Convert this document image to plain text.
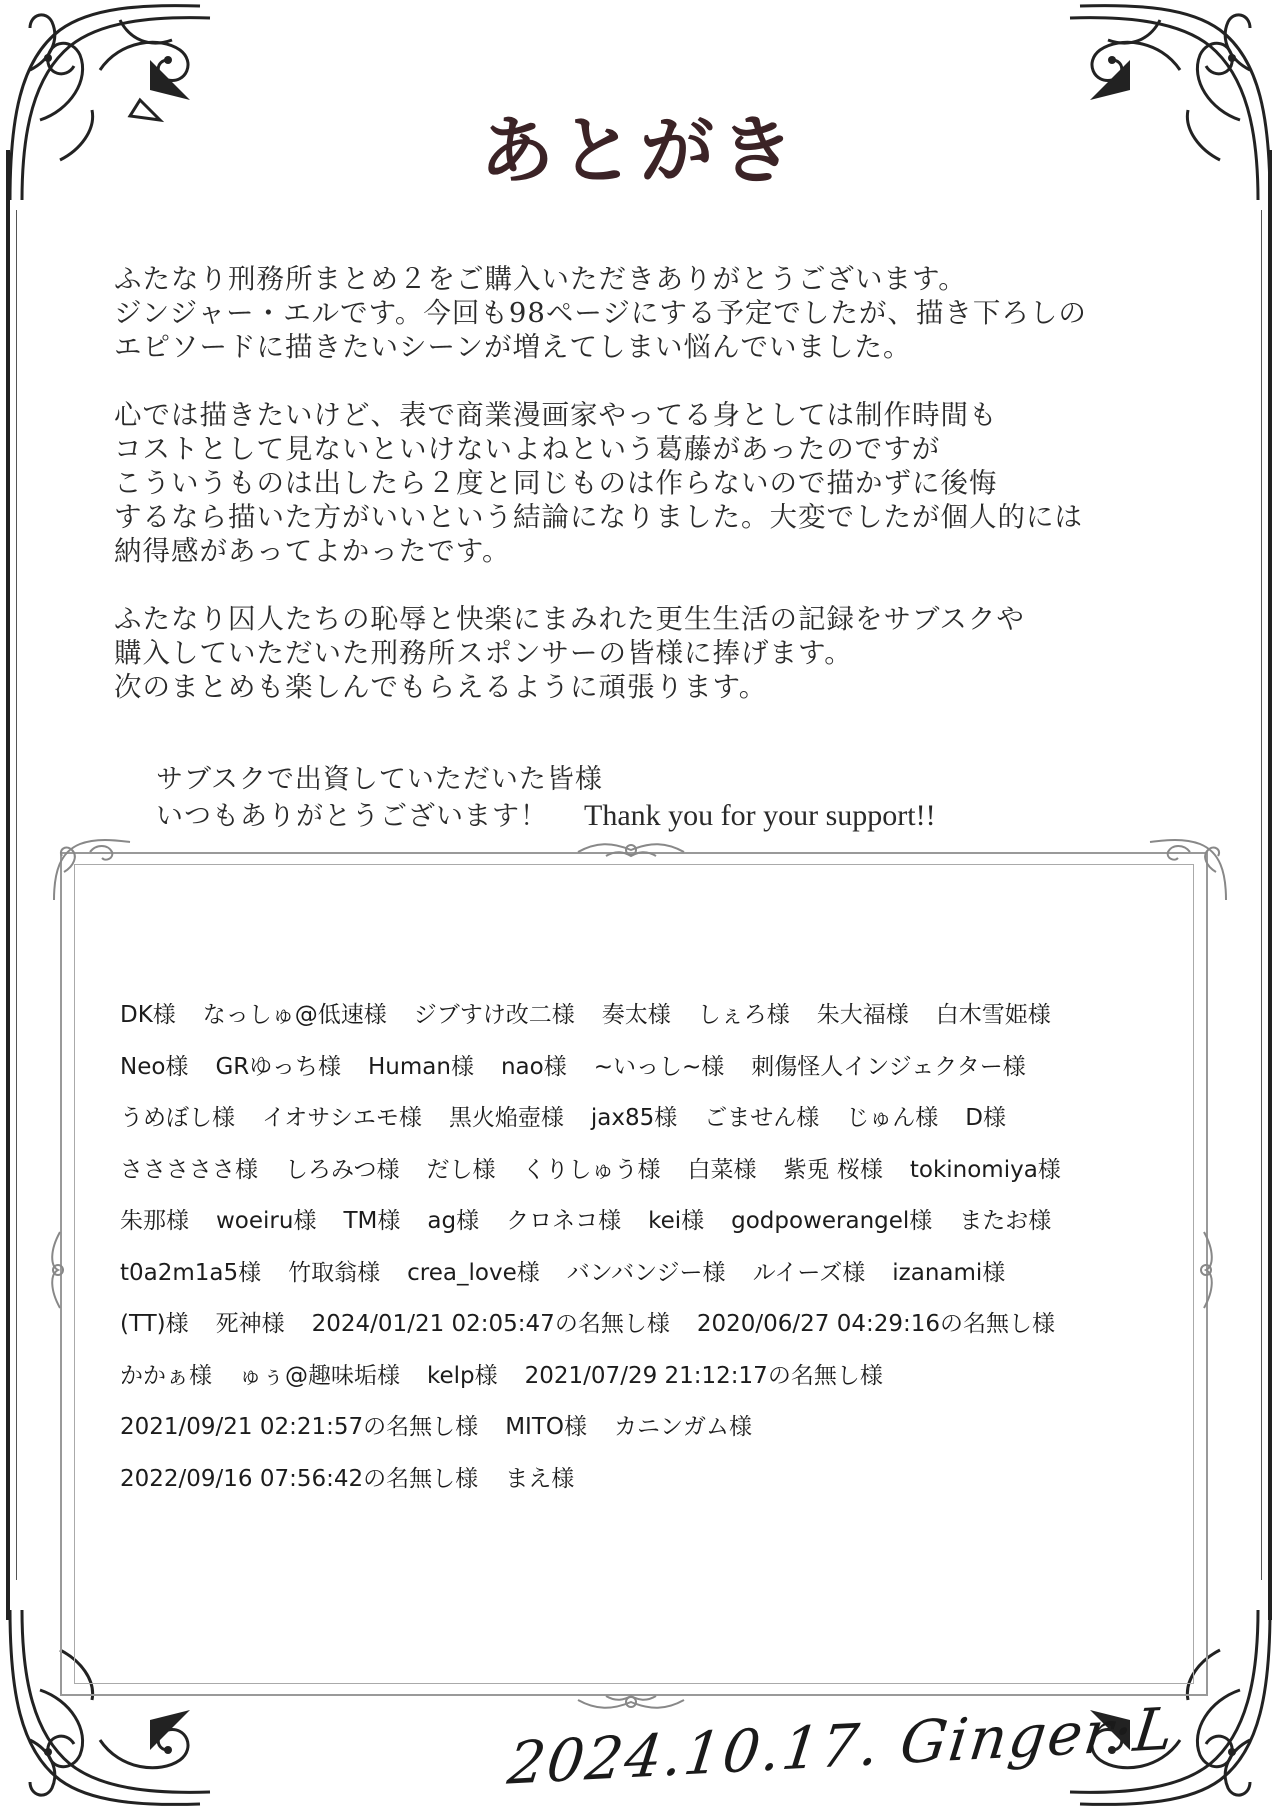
あとがき

ふたなり刑務所まとめ２をご購入いただきありがとうございます。
ジンジャー・エルです。今回も98ページにする予定でしたが、描き下ろしの
エピソードに描きたいシーンが増えてしまい悩んでいました。

心では描きたいけど、表で商業漫画家やってる身としては制作時間も
コストとして見ないといけないよねという葛藤があったのですが
こういうものは出したら２度と同じものは作らないので描かずに後悔
するなら描いた方がいいという結論になりました。大変でしたが個人的には
納得感があってよかったです。

ふたなり囚人たちの恥辱と快楽にまみれた更生生活の記録をサブスクや
購入していただいた刑務所スポンサーの皆様に捧げます。
次のまとめも楽しんでもらえるように頑張ります。

サブスクで出資していただいた皆様
いつもありがとうございます！ Thank you for your support!!
DK様 なっしゅ@低速様 ジブすけ改二様 奏太様 しぇろ様 朱大福様 白木雪姫様
Neo様 GRゆっち様 Human様 nao様 ~いっし~様 刺傷怪人インジェクター様
うめぼし様 イオサシエモ様 黒火焔壺様 jax85様 ごません様 じゅん様 D様
さささささ様 しろみつ様 だし様 くりしゅう様 白菜様 紫兎 桜様 tokinomiya様
朱那様 woeiru様 TM様 ag様 クロネコ様 kei様 godpowerangel様 またお様
t0a2m1a5様 竹取翁様 crea_love様 バンバンジー様 ルイーズ様 izanami様
(TT)様 死神様 2024/01/21 02:05:47の名無し様 2020/06/27 04:29:16の名無し様
かかぁ様 ゅぅ@趣味垢様 kelp様 2021/07/29 21:12:17の名無し様
2021/09/21 02:21:57の名無し様 MITO様 カニンガム様
2022/09/16 07:56:42の名無し様 まえ様
2024.10.17. Ginger·L
